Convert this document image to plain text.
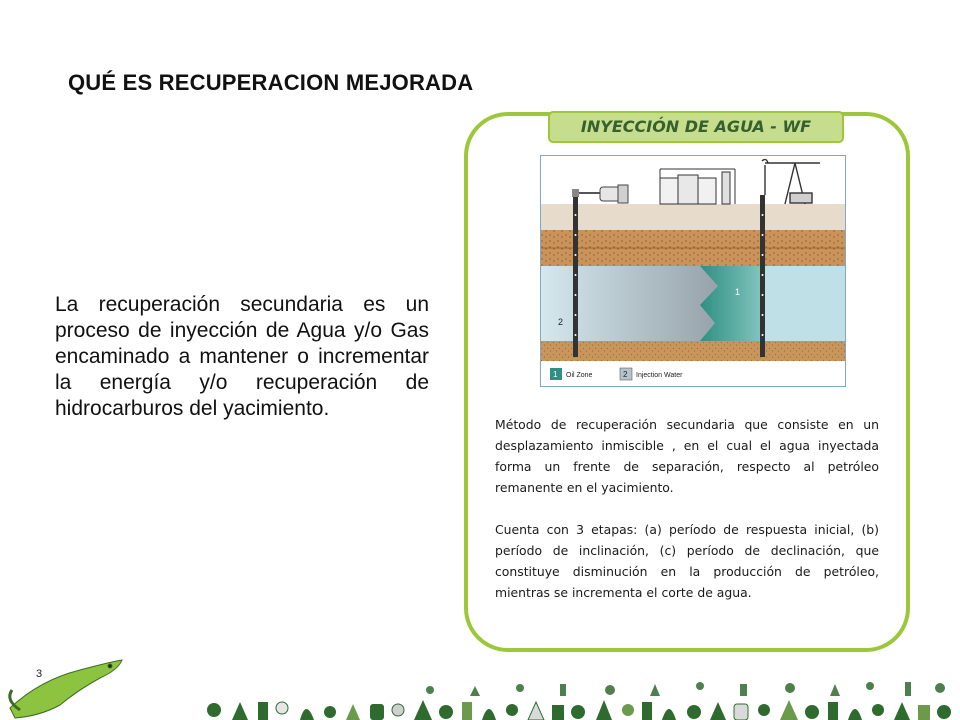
QUÉ ES RECUPERACION MEJORADA
La recuperación secundaria es un proceso de inyección de Agua y/o Gas encaminado a mantener o incrementar la energía y/o recuperación de hidrocarburos del yacimiento.
INYECCIÓN DE AGUA - WF
1
2
1 Oil Zone	2 Injection Water

Método de recuperación secundaria que consiste en un desplazamiento inmiscible , en el cual el agua inyectada forma un frente de separación, respecto al petróleo remanente en el yacimiento.

Cuenta con 3 etapas: (a) período de respuesta inicial, (b) período de inclinación, (c) período de declinación, que constituye disminución en la producción de petróleo, mientras se incrementa el corte de agua.

3
